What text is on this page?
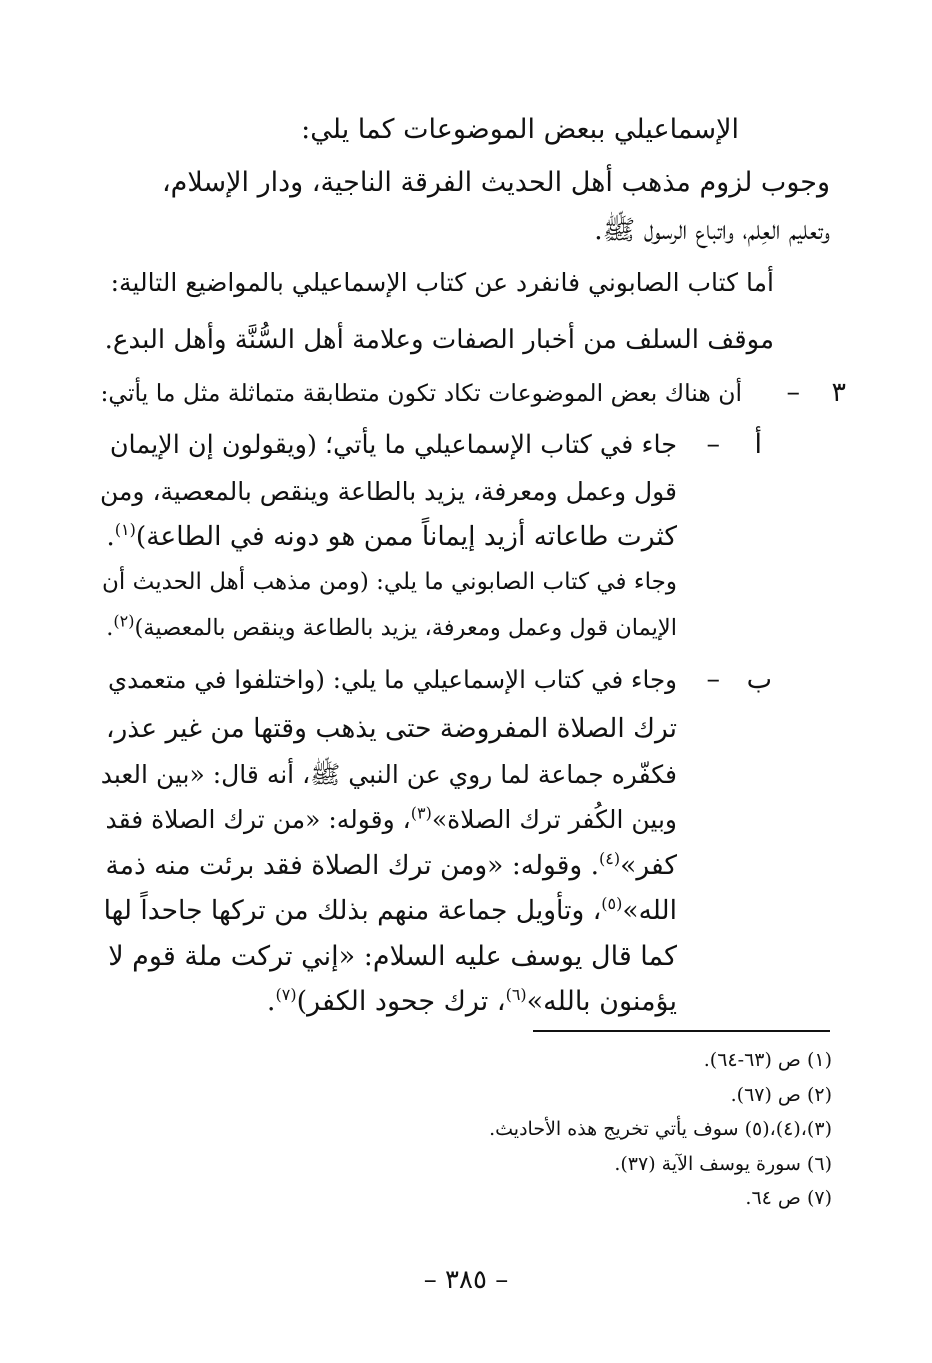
الإسماعيلي ببعض الموضوعات كما يلي:
وجوب لزوم مذهب أهل الحديث الفرقة الناجية، ودار الإسلام،
وتعليم العِلم، واتباع الرسول ﷺ.
أما كتاب الصابوني فانفرد عن كتاب الإسماعيلي بالمواضيع التالية:
موقف السلف من أخبار الصفات وعلامة أهل السُّنَّة وأهل البدع.
٣
–
أن هناك بعض الموضوعات تكاد تكون متطابقة متماثلة مثل ما يأتي:
أ
–
جاء في كتاب الإسماعيلي ما يأتي؛ (ويقولون إن الإيمان
قول وعمل ومعرفة، يزيد بالطاعة وينقص بالمعصية، ومن
كثرت طاعاته أزيد إيماناً ممن هو دونه في الطاعة)$^{(١)}$.
وجاء في كتاب الصابوني ما يلي: (ومن مذهب أهل الحديث أن
الإيمان قول وعمل ومعرفة، يزيد بالطاعة وينقص بالمعصية)$^{(٢)}$.
ب
–
وجاء في كتاب الإسماعيلي ما يلي: (واختلفوا في متعمدي
ترك الصلاة المفروضة حتى يذهب وقتها من غير عذر،
فكفّره جماعة لما روي عن النبي ﷺ، أنه قال: «بين العبد
وبين الكُفر ترك الصلاة»$^{(٣)}$، وقوله: «من ترك الصلاة فقد
كفر»$^{(٤)}$. وقوله: «ومن ترك الصلاة فقد برئت منه ذمة
الله»$^{(٥)}$، وتأويل جماعة منهم بذلك من تركها جاحداً لها
كما قال يوسف عليه السلام: «إني تركت ملة قوم لا
يؤمنون بالله»$^{(٦)}$، ترك جحود الكفر)$^{(٧)}$.
(١) ص (٦٣-٦٤).
(٢) ص (٦٧).
(٣)،(٤)،(٥) سوف يأتي تخريج هذه الأحاديث.
(٦) سورة يوسف الآية (٣٧).
(٧) ص ٦٤.
– ٣٨٥ –
